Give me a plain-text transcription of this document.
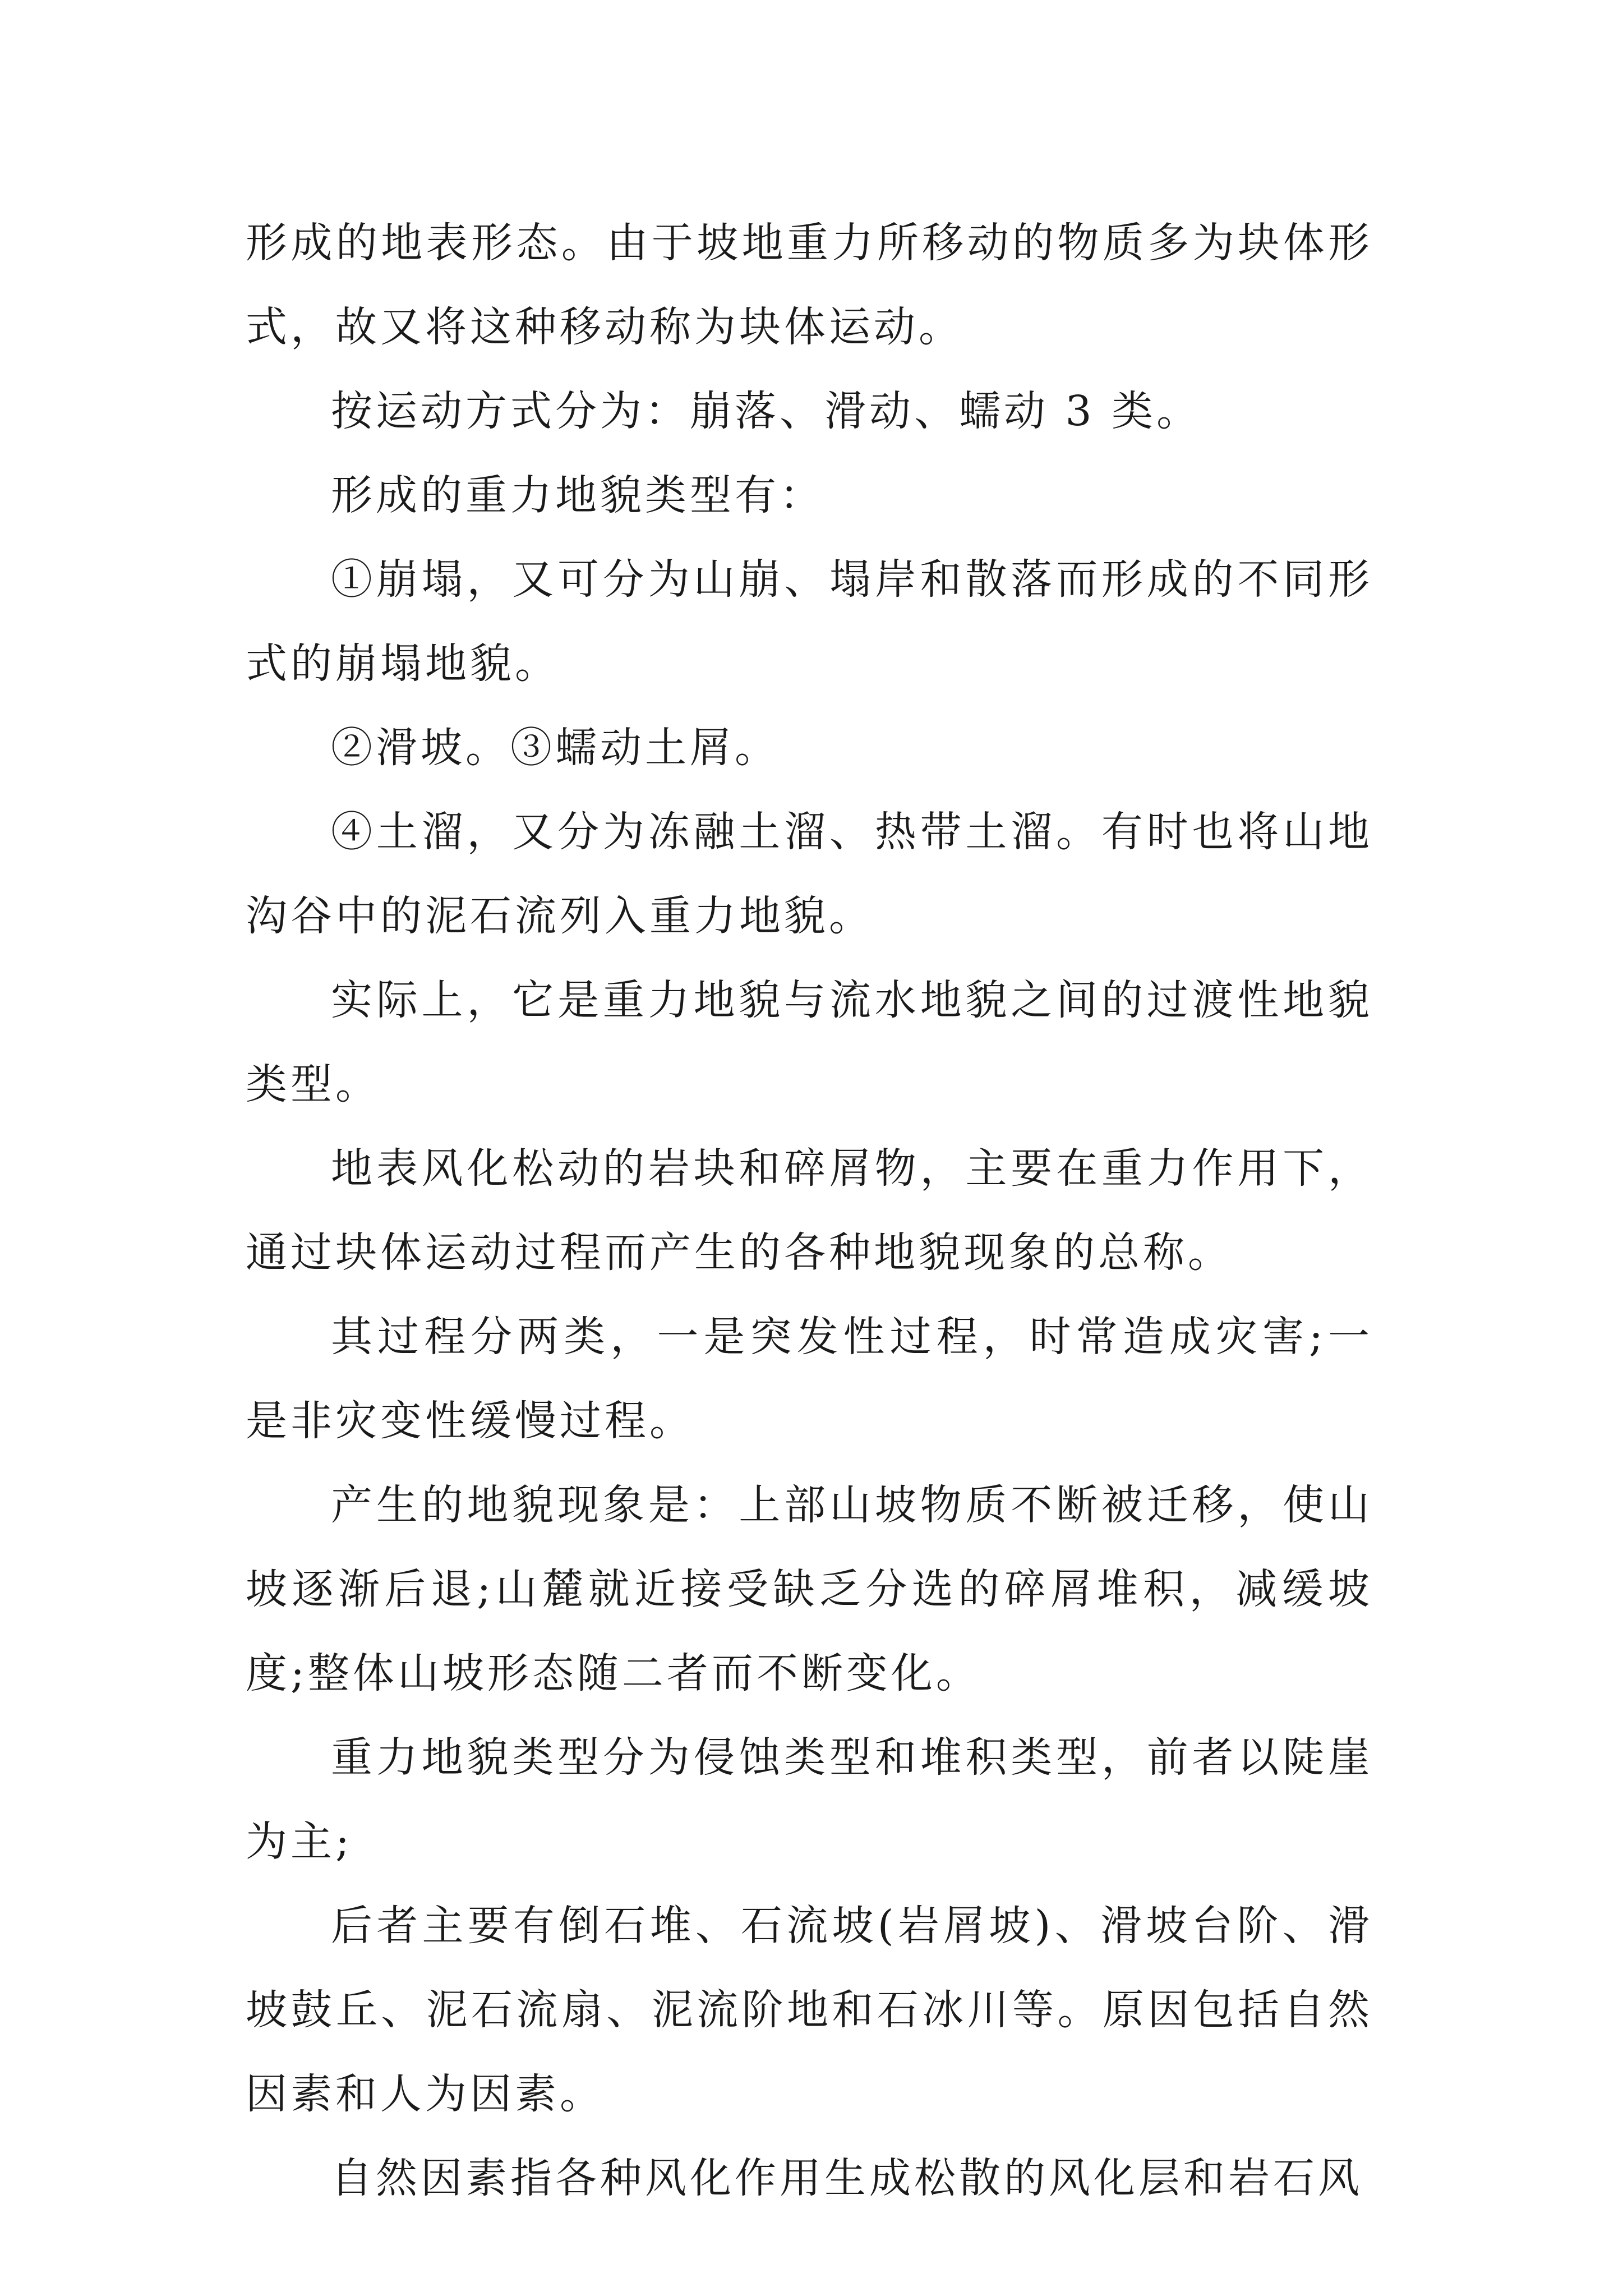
形成的地表形态。由于坡地重力所移动的物质多为块体形式，故又将这种移动称为块体运动。

按运动方式分为：崩落、滑动、蠕动 3 类。

形成的重力地貌类型有：

①崩塌，又可分为山崩、塌岸和散落而形成的不同形式的崩塌地貌。

②滑坡。③蠕动土屑。

④土溜，又分为冻融土溜、热带土溜。有时也将山地沟谷中的泥石流列入重力地貌。

实际上，它是重力地貌与流水地貌之间的过渡性地貌类型。

地表风化松动的岩块和碎屑物，主要在重力作用下，通过块体运动过程而产生的各种地貌现象的总称。

其过程分两类，一是突发性过程，时常造成灾害;一是非灾变性缓慢过程。

产生的地貌现象是：上部山坡物质不断被迁移，使山坡逐渐后退;山麓就近接受缺乏分选的碎屑堆积，减缓坡度;整体山坡形态随二者而不断变化。

重力地貌类型分为侵蚀类型和堆积类型，前者以陡崖为主;

后者主要有倒石堆、石流坡(岩屑坡)、滑坡台阶、滑坡鼓丘、泥石流扇、泥流阶地和石冰川等。原因包括自然因素和人为因素。

自然因素指各种风化作用生成松散的风化层和岩石风
